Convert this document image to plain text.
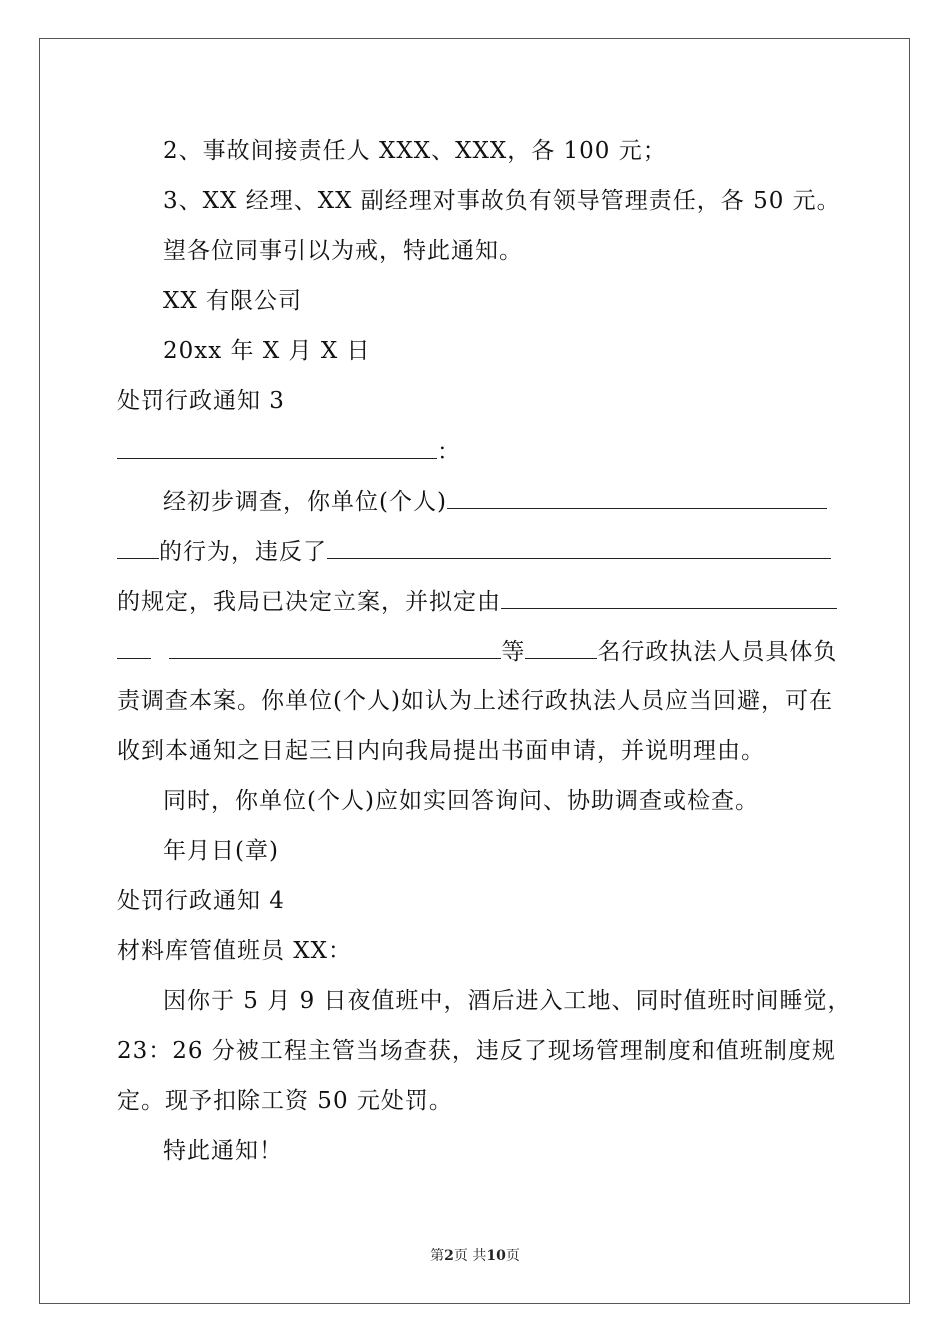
2、事故间接责任人 XXX、XXX，各 100 元；
3、XX 经理、XX 副经理对事故负有领导管理责任，各 50 元。
望各位同事引以为戒，特此通知。
XX 有限公司
20xx 年 X 月 X 日
处罚行政通知 3
：
经初步调查，你单位(个人)
的行为，违反了
的规定，我局已决定立案，并拟定由
等	名行政执法人员具体负
责调查本案。你单位(个人)如认为上述行政执法人员应当回避，可在
收到本通知之日起三日内向我局提出书面申请，并说明理由。
同时，你单位(个人)应如实回答询问、协助调查或检查。
年月日(章)
处罚行政通知 4
材料库管值班员 XX：
因你于 5 月 9 日夜值班中，酒后进入工地、同时值班时间睡觉，
23：26 分被工程主管当场查获，违反了现场管理制度和值班制度规
定。现予扣除工资 50 元处罚。
特此通知！
第2页 共10页
